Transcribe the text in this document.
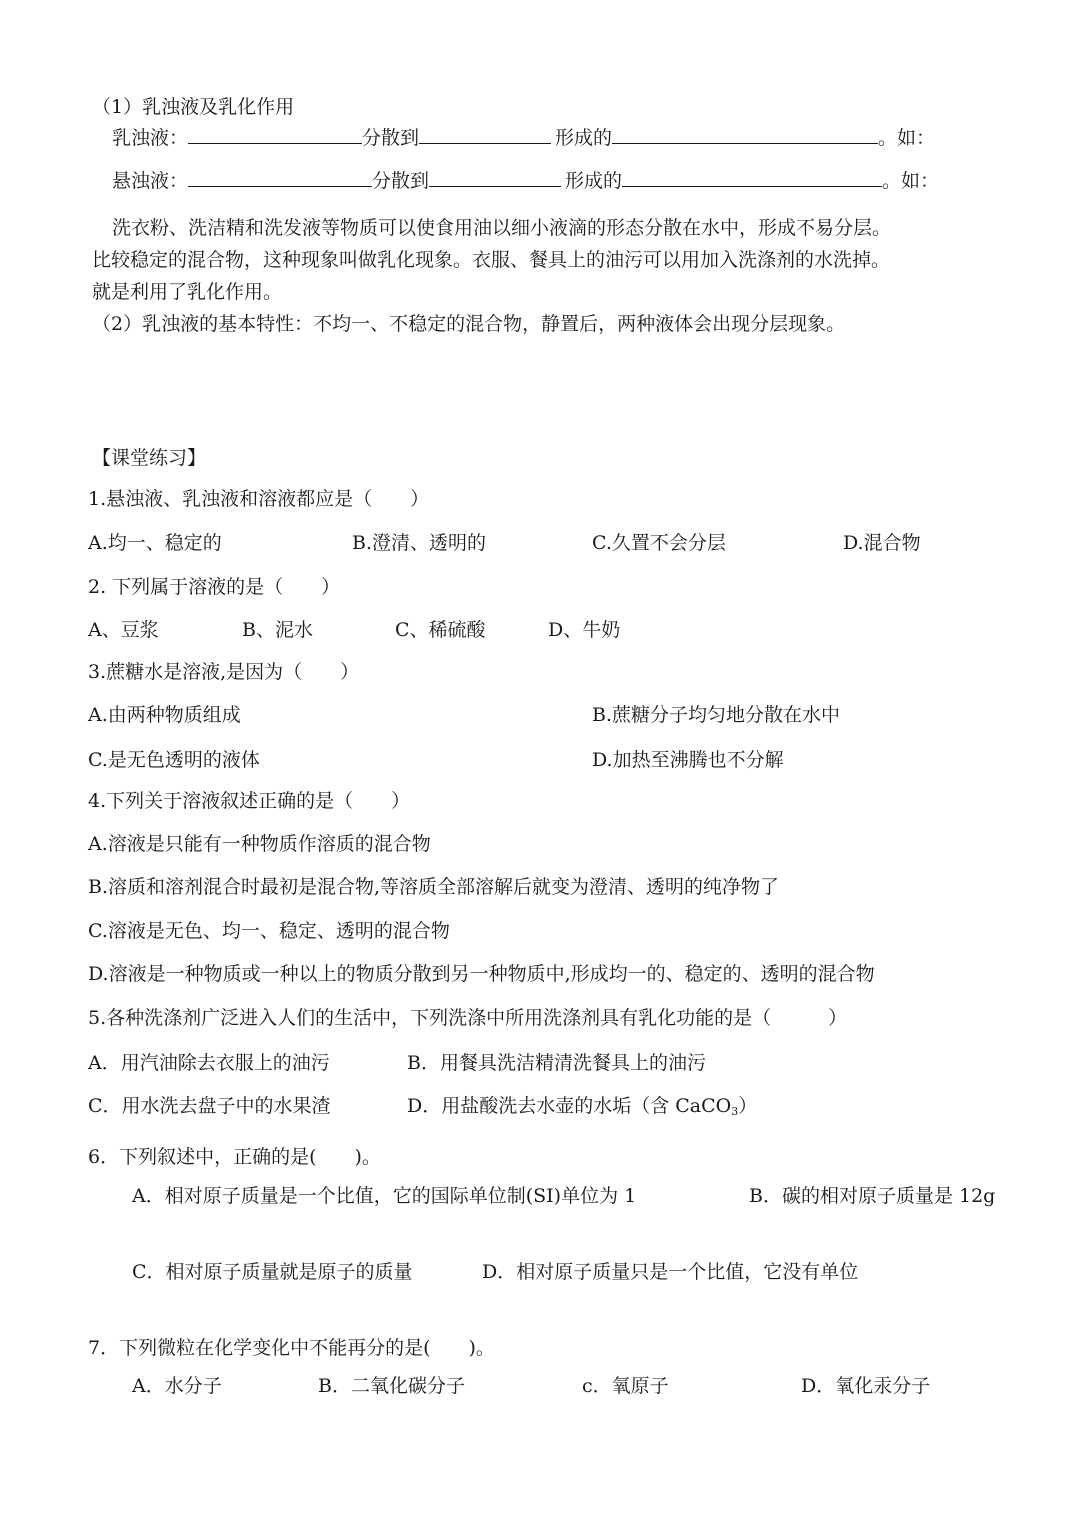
（1）乳浊液及乳化作用
乳浊液：	分散到	形成的	。如：
悬浊液：	分散到	形成的	。如：
洗衣粉、洗洁精和洗发液等物质可以使食用油以细小液滴的形态分散在水中，形成不易分层。
比较稳定的混合物，这种现象叫做乳化现象。衣服、餐具上的油污可以用加入洗涤剂的水洗掉。
就是利用了乳化作用。
（2）乳浊液的基本特性：不均一、不稳定的混合物，静置后，两种液体会出现分层现象。
【课堂练习】
1.悬浊液、乳浊液和溶液都应是（　　）
A.均一、稳定的	B.澄清、透明的	C.久置不会分层	D.混合物
2. 下列属于溶液的是（　　）
A、豆浆	B、泥水	C、稀硫酸	D、牛奶
3.蔗糖水是溶液,是因为（　　）
A.由两种物质组成	B.蔗糖分子均匀地分散在水中
C.是无色透明的液体	D.加热至沸腾也不分解
4.下列关于溶液叙述正确的是（　　）
A.溶液是只能有一种物质作溶质的混合物
B.溶质和溶剂混合时最初是混合物,等溶质全部溶解后就变为澄清、透明的纯净物了
C.溶液是无色、均一、稳定、透明的混合物
D.溶液是一种物质或一种以上的物质分散到另一种物质中,形成均一的、稳定的、透明的混合物
5.各种洗涤剂广泛进入人们的生活中，下列洗涤中所用洗涤剂具有乳化功能的是（　　　）
A．用汽油除去衣服上的油污	B．用餐具洗洁精清洗餐具上的油污
C．用水洗去盘子中的水果渣	D．用盐酸洗去水壶的水垢（含 CaCO$_3$）
6．下列叙述中，正确的是(　　)。
A．相对原子质量是一个比值，它的国际单位制(SI)单位为 1	B．碳的相对原子质量是 12g
C．相对原子质量就是原子的质量	D．相对原子质量只是一个比值，它没有单位
7．下列微粒在化学变化中不能再分的是(　　)。
A．水分子	B．二氧化碳分子	c．氧原子	D．氧化汞分子
